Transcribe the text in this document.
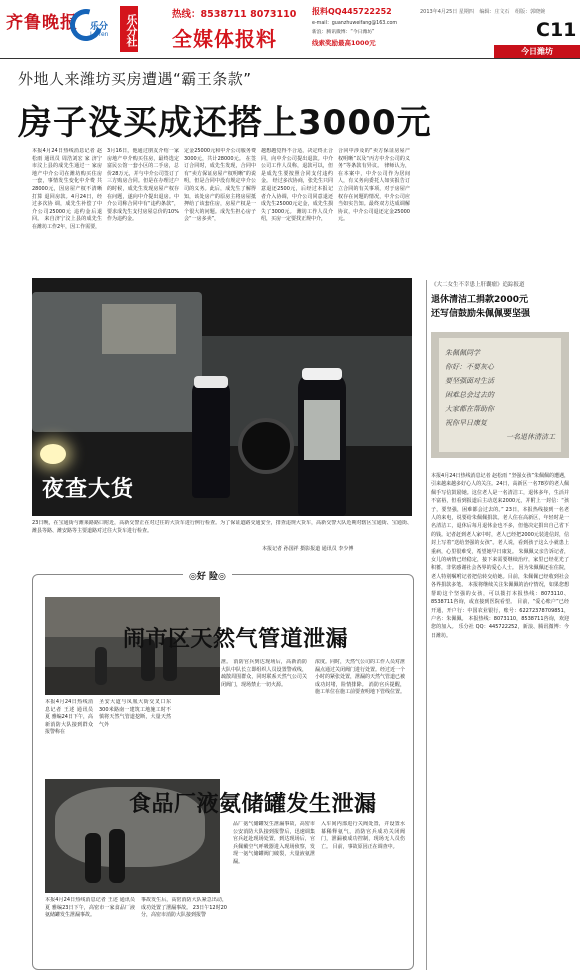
齐鲁晚报 乐分
Le fen	乐分社	热线：8538711 8073110
全媒体报料
报料QQ445722252
e-mail：guanzhuweifang@163.com
新浪：腾讯微博：“今日潍坊”
线索奖励最高1000元
2013年4月25日 星期四 编辑：庄文石 组版：郭晓婉
C11
今日潍坊
外地人来潍坊买房遭遇“霸王条款”
房子没买成还搭上3000元
本报4月24日热线消息记者 赵松雨 通讯员 周浩刘宏 家 济宁市汶上县的成先生通过一 家房地产中介公司在潍坊购买住房 一套，事情发生变化中介费 共28000元，因房屋产权不清晰打算 退回房款。4月24日，经过多次协 调，成先生补偿了中介公司25000元 违约金后退回。 来自济宁汶上县的成先生 在潍坊工作2年，因工作需要，
3月16日，他通过朋友介绍一家房地产中介购买住房，最终选定富民公馆一套小区的二手房，总价28万元，并与中介公司签订了三方购房合同。但是在办理过户的时候，成先生发现房屋产权存在问题，遂向中介提出退房。中介公司称合同中有“违约条款”，要求成先生支付房屋总价的10%作为违约金。
定金25000元和中介公司服务费3000元，共计28000元。 在签订合同时，成先生发现，合同中有“卖方保证房屋产权明晰”的说明，但是合同中没有规定中介公司的义务。此后，成先生了解得知，该处房产的原房主将房屋抵押给了该套住房，房屋产权是一个很大的问题。成先生担心房子会“一房多卖”，
越想越觉得不合适，决定终止合同，向中介公司提出退款。中介公司工作人员称，退款可以，但是成先生要按照合同支付违约金。 经过多次协商，张先生只同意退还2500元，后经过本报记者介入协调，中介公司同意退还成先生25000元定金，成先生损失了3000元。 潍坊工作人员介绍，买房一定要找正规中介，
合同中涉及的“卖方保证房屋产权明晰”以及“丙方中介公司的义务”等条款有异议。 律师认为，在本案中，中介公司作为居间人，有义务向委托人如实报告订立合同的有关事项，对于房屋产权存在问题的情况，中介公司应当如实告知。最终双方达成调解协议，中介公司退还定金25000元。
夜查大货
23日晚，在宝通街与潍莱路路口附近，高新交警正在对过往的大货车进行例行检查。为了保证道路交通安全，排查违规大货车，高新交警大队近期对辖区宝通街、宝通街、潍县等路、潍安路等主要道路对过往大货车进行检查。
本报记者 孙国祥 摄影报道 通讯员 李少博
《大二女生不幸患上肝囊瘤》追踪报道
退休清洁工捐款2000元
还写信鼓励朱佩佩要坚强
朱佩佩同学
你好：不要灰心
要坚强面对生活
困难总会过去的
大家都在帮助你
祝你早日康复
一名退休清洁工
本报4月24日热线消息记者 赵松雨 “坚强女孩”朱佩佩的遭遇，引来越来越多好心人的关注。24日，高新区一名78岁的老人佩佩手写信鼓励她。这位老人是一名清洁工，退休多年，生活并不富裕，但看到报道后主动送来2000元，并附上一封信：“孩子，要坚强，困难都会过去的。” 23日，本报热线接到一名老人的来电，说要给朱佩佩捐款。老人住在高新区，年轻时是一名清洁工，退休后每月退休金也不多，但他决定捐出自己省下的钱。记者赶到老人家中时，老人已经把2000元装进信封，信封上写着“送给坚强的女孩”。老人说，看到孩子这么小就患上重病，心里很难受，希望她早日康复。 朱佩佩父亲告诉记者，女儿的病情已经稳定，接下来需要继续治疗，家里已经花光了积蓄，非常感谢社会各界的爱心人士。 因为朱佩佩还在住院，老人特别嘱咐记者把信转交给她。目前，朱佩佩已经收到社会各界捐款多笔。 本报将继续关注朱佩佩的治疗情况，如果您想帮助这个坚强的女孩，可以拨打本报热线：8073110、8538711咨询，或直接到医院看望。 目前，“爱心账户”已经开通，开户行：中国农业银行，账号：62272378709851，户名：朱佩佩。 本报热线：8073110，8538711咨询，欢迎您的加入。 乐分社 QQ：445722252，新浪、腾讯微博：今日潍坊。
◎好 险◎
闹市区天然气管道泄漏
本报4月24日热线消息记者 王述 通讯员 夏 雅编24日下午，高新消防大队接到群众报警称在
圣安大道与凤凰大街交叉口东300米路南一建筑工地施工时不慎将天然气管道挖断，大量天然气外
泄。 消防官兵到达现场后，高新消防大队中队长立即组织人员设置警戒线，疏散周围群众，同时联系天然气公司关闭阀门，现场禁止一切火源。
浓度。同时，天然气公司的工作人员对泄漏点通过关闭阀门进行处置。经过近一个小时的紧张处置，泄漏的天然气管道已被成功封堵，险情排除。 消防官兵提醒，施工单位在施工前要查明地下管线位置。
食品厂液氨储罐发生泄漏
本报4月24日热线消息记者 王述 通讯员 夏 雅编23日下午，高密市一家食品厂液氨储罐发生泄漏事故。
事故发生后，高密消防大队紧急出动，成功处置了泄漏事故。 23日午12时20分，高密市消防大队接到报警
品厂氨气储罐发生泄漏事故，高密市公安消防大队接到报警后，迅速调集官兵赶赴现场处置，到达现场后，官兵佩戴空气呼吸器进入现场侦察，发现一氨气储罐阀门破裂，大量液氨泄漏。
入车间内部进行关阀处置，并设置水幕稀释氨气，消防官兵成功关闭阀门，泄漏被成功控制，现场无人员伤亡。 目前，事故原因正在调查中。
